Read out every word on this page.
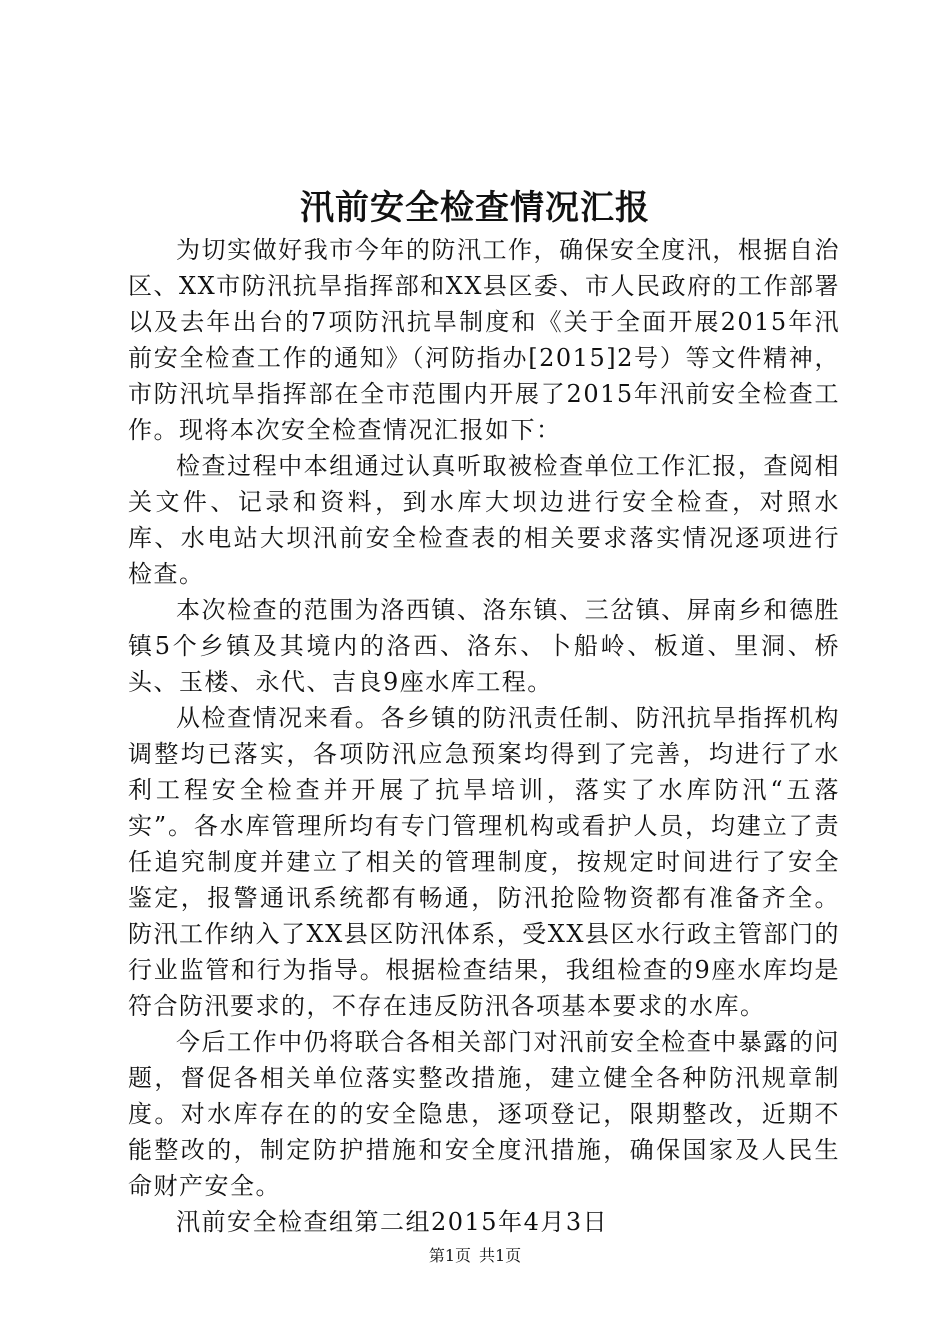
汛前安全检查情况汇报

为切实做好我市今年的防汛工作，确保安全度汛，根据自治区、XX市防汛抗旱指挥部和XX县区委、市人民政府的工作部署以及去年出台的7项防汛抗旱制度和《关于全面开展2015年汛前安全检查工作的通知》（河防指办[2015]2号）等文件精神，市防汛坑旱指挥部在全市范围内开展了2015年汛前安全检查工作。现将本次安全检查情况汇报如下：

检查过程中本组通过认真听取被检查单位工作汇报，查阅相关文件、记录和资料，到水库大坝边进行安全检查，对照水库、水电站大坝汛前安全检查表的相关要求落实情况逐项进行检查。

本次检查的范围为洛西镇、洛东镇、三岔镇、屏南乡和德胜镇5个乡镇及其境内的洛西、洛东、卜船岭、板道、里洞、桥头、玉楼、永代、吉良9座水库工程。

从检查情况来看。各乡镇的防汛责任制、防汛抗旱指挥机构调整均已落实，各项防汛应急预案均得到了完善，均进行了水利工程安全检查并开展了抗旱培训，落实了水库防汛“五落实”。各水库管理所均有专门管理机构或看护人员，均建立了责任追究制度并建立了相关的管理制度，按规定时间进行了安全鉴定，报警通讯系统都有畅通，防汛抢险物资都有准备齐全。防汛工作纳入了XX县区防汛体系，受XX县区水行政主管部门的行业监管和行为指导。根据检查结果，我组检查的9座水库均是符合防汛要求的，不存在违反防汛各项基本要求的水库。

今后工作中仍将联合各相关部门对汛前安全检查中暴露的问题，督促各相关单位落实整改措施，建立健全各种防汛规章制度。对水库存在的的安全隐患，逐项登记，限期整改，近期不能整改的，制定防护措施和安全度汛措施，确保国家及人民生命财产安全。

汛前安全检查组第二组2015年4月3日

第1页 共1页
